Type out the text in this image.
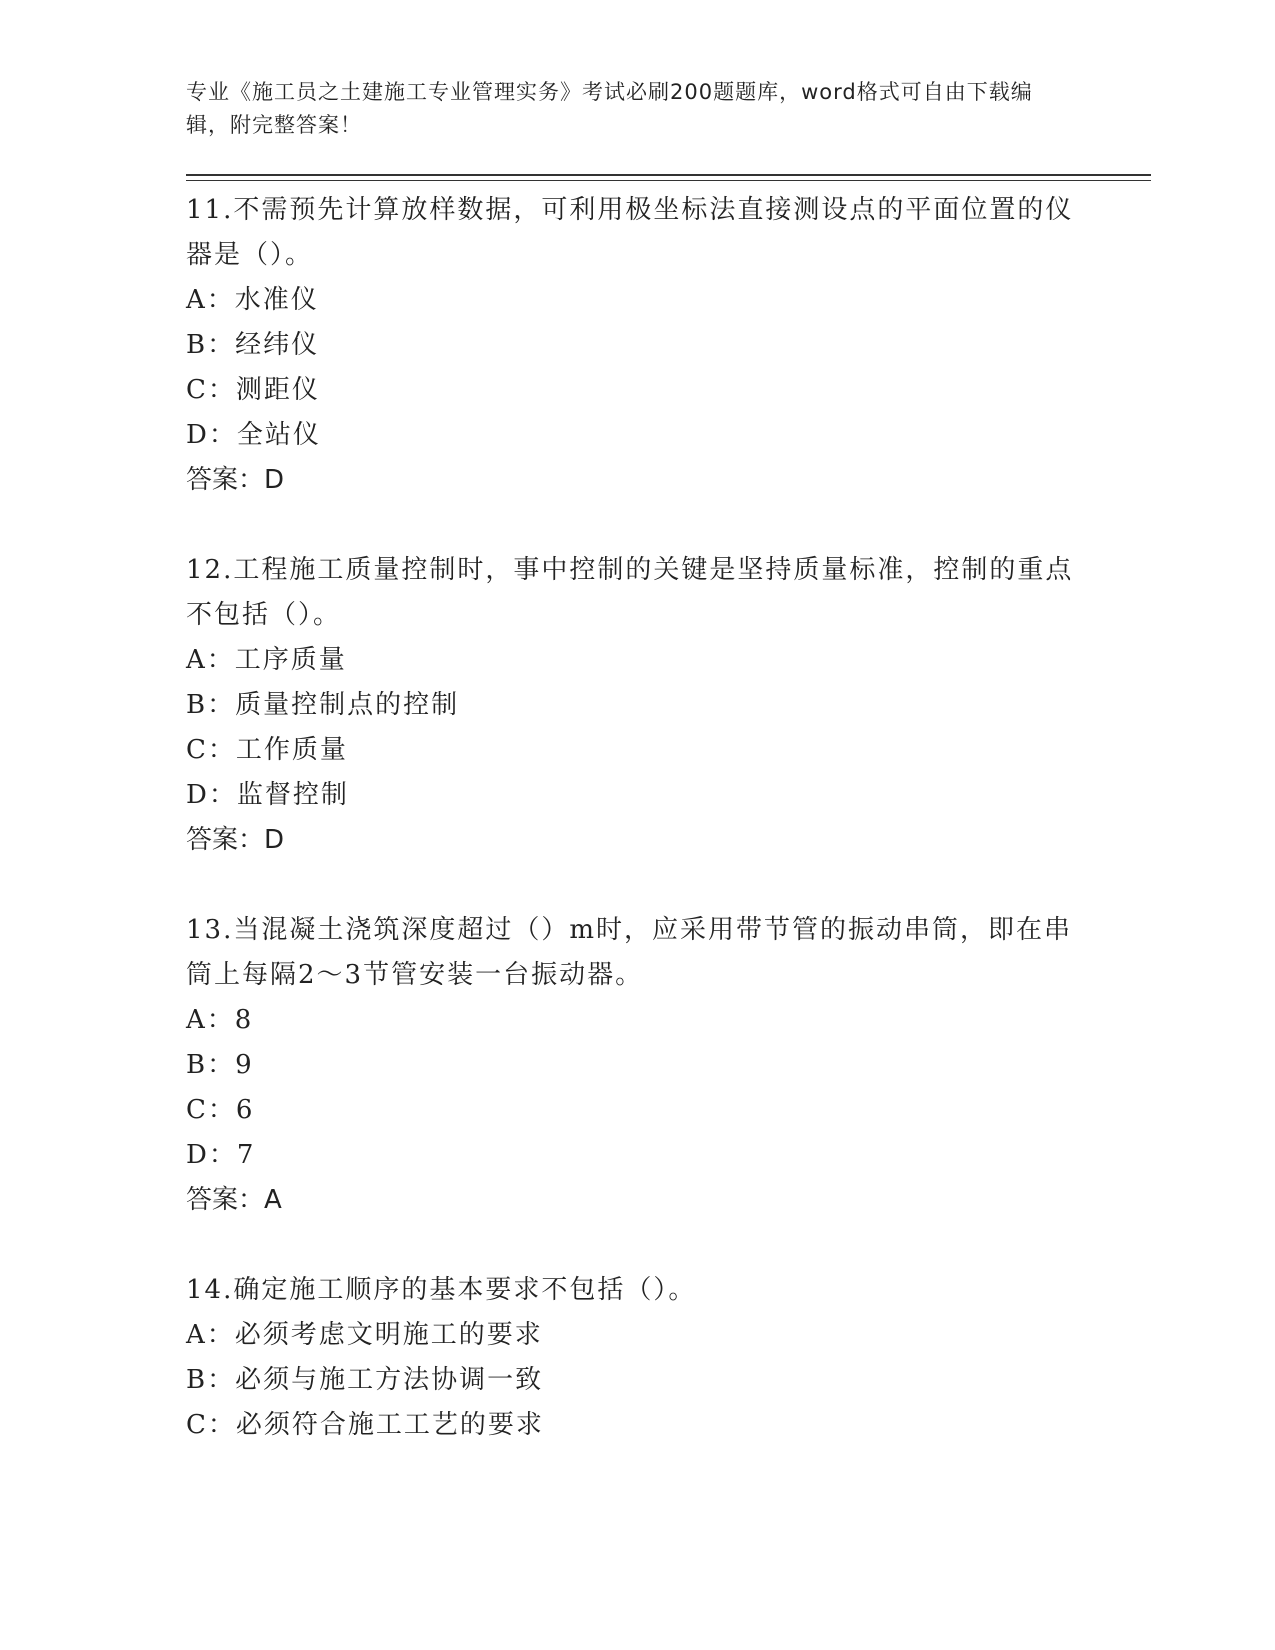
专业《施工员之土建施工专业管理实务》考试必刷200题题库，word格式可自由下载编辑，附完整答案！
11.不需预先计算放样数据，可利用极坐标法直接测设点的平面位置的仪器是（）。
A：水准仪
B：经纬仪
C：测距仪
D：全站仪
答案：D
12.工程施工质量控制时，事中控制的关键是坚持质量标准，控制的重点不包括（）。
A：工序质量
B：质量控制点的控制
C：工作质量
D：监督控制
答案：D
13.当混凝土浇筑深度超过（）m时，应采用带节管的振动串筒，即在串筒上每隔2～3节管安装一台振动器。
A：8
B：9
C：6
D：7
答案：A
14.确定施工顺序的基本要求不包括（）。
A：必须考虑文明施工的要求
B：必须与施工方法协调一致
C：必须符合施工工艺的要求
